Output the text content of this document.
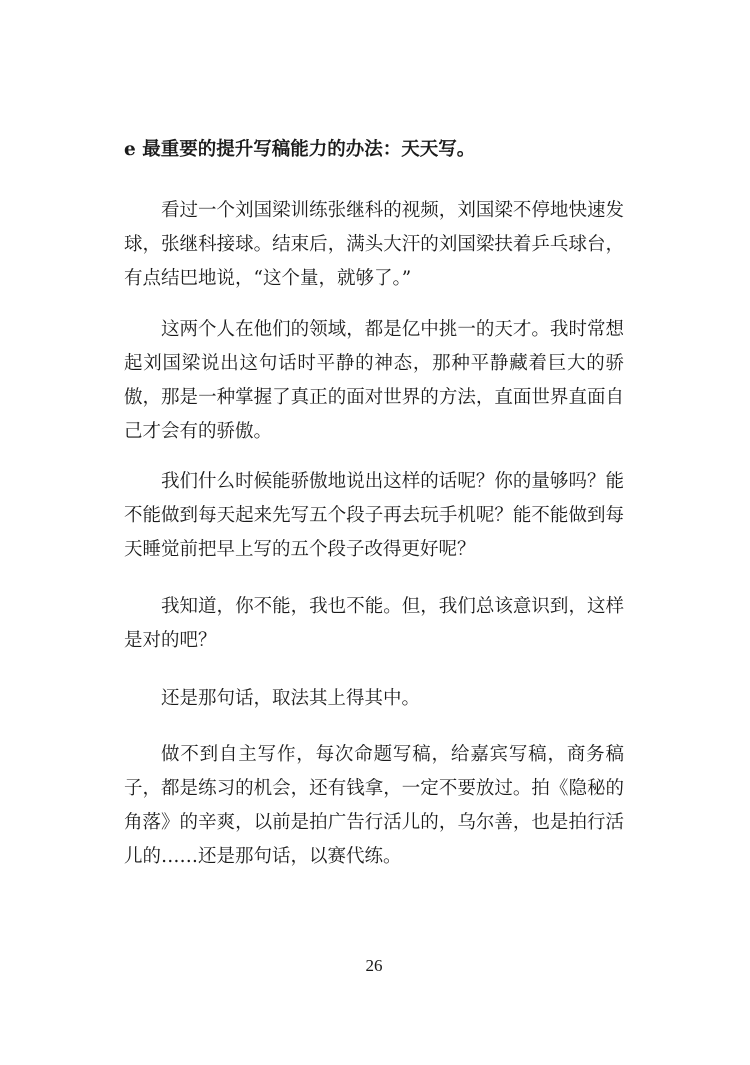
e 最重要的提升写稿能力的办法：天天写。

看过一个刘国梁训练张继科的视频，刘国梁不停地快速发球，张继科接球。结束后，满头大汗的刘国梁扶着乒乓球台，有点结巴地说，“这个量，就够了。”

这两个人在他们的领域，都是亿中挑一的天才。我时常想起刘国梁说出这句话时平静的神态，那种平静藏着巨大的骄傲，那是一种掌握了真正的面对世界的方法，直面世界直面自己才会有的骄傲。

我们什么时候能骄傲地说出这样的话呢？你的量够吗？能不能做到每天起来先写五个段子再去玩手机呢？能不能做到每天睡觉前把早上写的五个段子改得更好呢？

我知道，你不能，我也不能。但，我们总该意识到，这样是对的吧？

还是那句话，取法其上得其中。

做不到自主写作，每次命题写稿，给嘉宾写稿，商务稿子，都是练习的机会，还有钱拿，一定不要放过。拍《隐秘的角落》的辛爽，以前是拍广告行活儿的，乌尔善，也是拍行活儿的……还是那句话，以赛代练。

26
